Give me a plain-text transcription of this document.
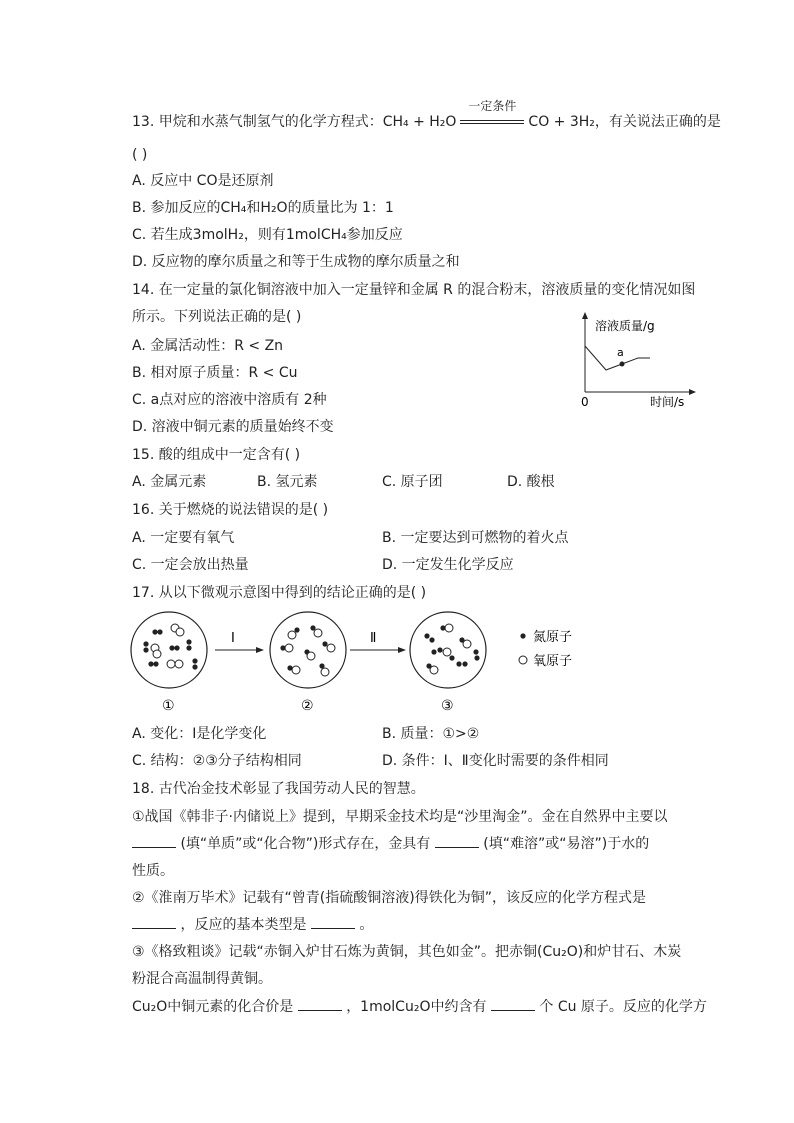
13. 甲烷和水蒸气制氢气的化学方程式：CH₄ + H₂O
一定条件
CO + 3H₂，有关说法正确的是
( )
A. 反应中 CO是还原剂
B. 参加反应的CH₄和H₂O的质量比为 1：1
C. 若生成3molH₂，则有1molCH₄参加反应
D. 反应物的摩尔质量之和等于生成物的摩尔质量之和
14. 在一定量的氯化铜溶液中加入一定量锌和金属 R 的混合粉末，溶液质量的变化情况如图
所示。下列说法正确的是( )
A. 金属活动性：R < Zn
B. 相对原子质量：R < Cu
C. a点对应的溶液中溶质有 2种
D. 溶液中铜元素的质量始终不变
溶液质量/g
a
0	时间/s
15. 酸的组成中一定含有( )
A. 金属元素	B. 氢元素	C. 原子团	D. 酸根
16. 关于燃烧的说法错误的是( )
A. 一定要有氧气	B. 一定要达到可燃物的着火点
C. 一定会放出热量	D. 一定发生化学反应
17. 从以下微观示意图中得到的结论正确的是( )
I	Ⅱ
①	②	③
氮原子
氧原子
A. 变化：Ⅰ是化学变化	B. 质量：①>②
C. 结构：②③分子结构相同	D. 条件：Ⅰ、Ⅱ变化时需要的条件相同
18. 古代冶金技术彰显了我国劳动人民的智慧。
①战国《韩非子·内储说上》提到，早期采金技术均是“沙里淘金”。金在自然界中主要以
(填“单质”或“化合物”)形式存在，金具有	(填“难溶”或“易溶”)于水的
性质。
②《淮南万毕术》记载有“曾青(指硫酸铜溶液)得铁化为铜”，该反应的化学方程式是
，反应的基本类型是	。
③《格致粗谈》记载“赤铜入炉甘石炼为黄铜，其色如金”。把赤铜(Cu₂O)和炉甘石、木炭
粉混合高温制得黄铜。
Cu₂O中铜元素的化合价是	，1molCu₂O中约含有	个 Cu 原子。反应的化学方
